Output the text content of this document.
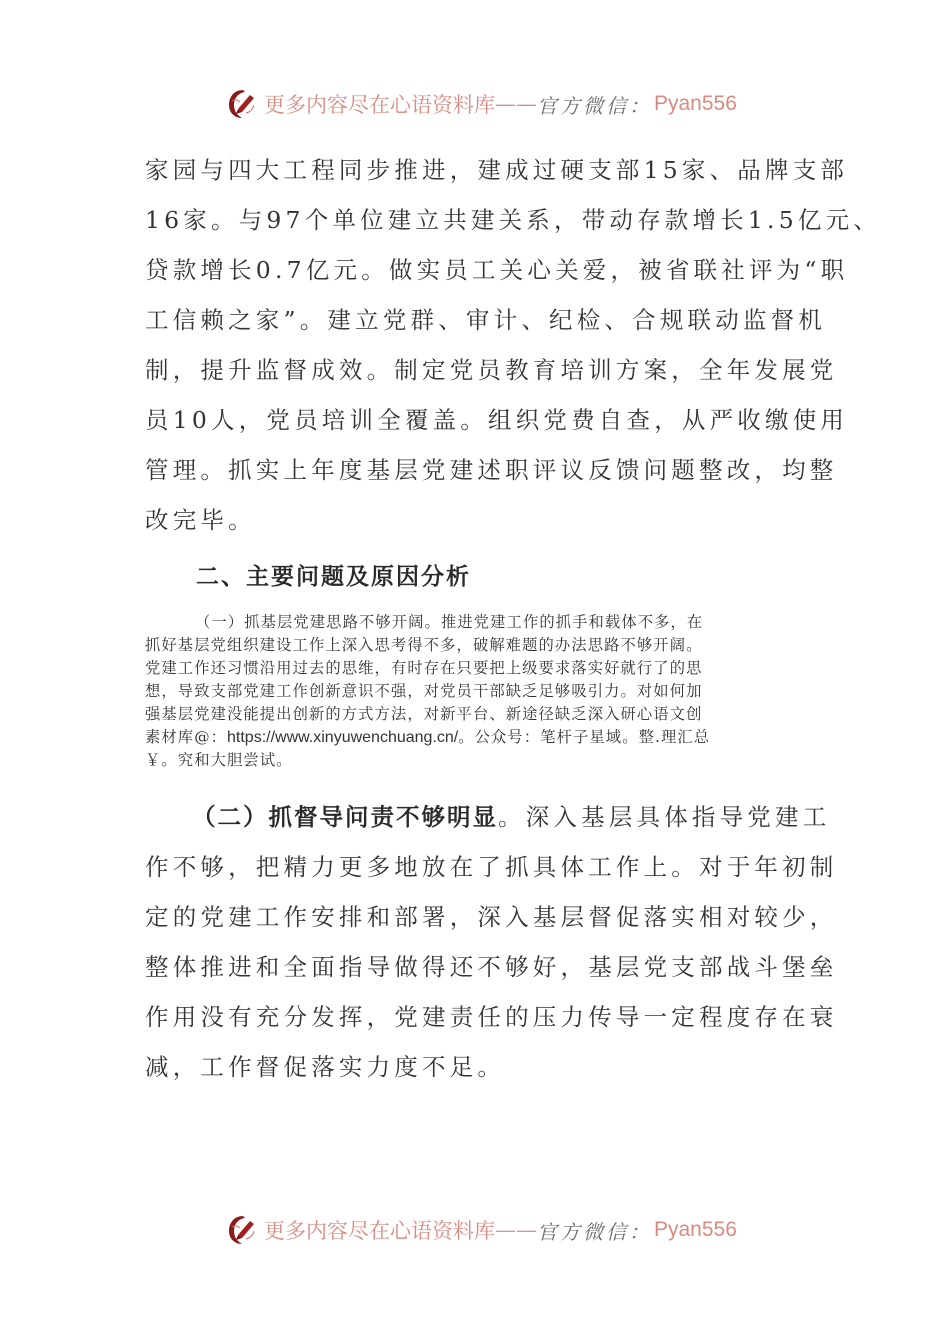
更多内容尽在心语资料库 —— 官方微信： Pyan556
家园与四大工程同步推进，建成过硬支部15家、品牌支部
16家。与97个单位建立共建关系，带动存款增长1.5亿元、
贷款增长0.7亿元。做实员工关心关爱，被省联社评为“职
工信赖之家”。建立党群、审计、纪检、合规联动监督机
制，提升监督成效。制定党员教育培训方案，全年发展党
员10人，党员培训全覆盖。组织党费自查，从严收缴使用
管理。抓实上年度基层党建述职评议反馈问题整改，均整
改完毕。
二、主要问题及原因分析
（一）抓基层党建思路不够开阔。推进党建工作的抓手和载体不多，在
抓好基层党组织建设工作上深入思考得不多，破解难题的办法思路不够开阔。
党建工作还习惯沿用过去的思维，有时存在只要把上级要求落实好就行了的思
想，导致支部党建工作创新意识不强，对党员干部缺乏足够吸引力。对如何加
强基层党建没能提出创新的方式方法，对新平台、新途径缺乏深入研心语文创
素材库@：https://www.xinyuwenchuang.cn/。公众号：笔杆子星域。整.理汇总
￥。究和大胆尝试。
（二）抓督导问责不够明显。深入基层具体指导党建工
作不够，把精力更多地放在了抓具体工作上。对于年初制
定的党建工作安排和部署，深入基层督促落实相对较少，
整体推进和全面指导做得还不够好，基层党支部战斗堡垒
作用没有充分发挥，党建责任的压力传导一定程度存在衰
减，工作督促落实力度不足。
更多内容尽在心语资料库 —— 官方微信： Pyan556
